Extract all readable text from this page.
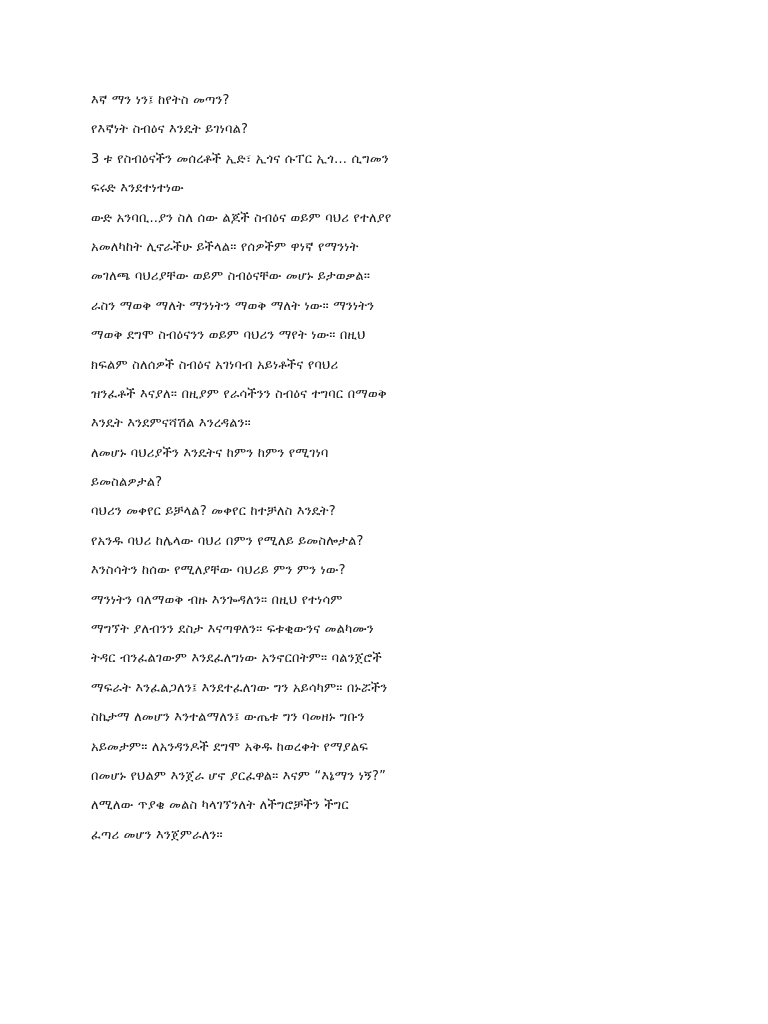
እኛ ማን ነን፤ ከየትስ መጣን?
የእኛነት ስብዕና እንዴት ይገነባል?
3 ቱ የስብዕናችን መሰረቶች ኢድ፣ ኢጎና ሱፐር ኢጎ… ሲግመን
ፍሩድ እንደተነተነው
ውድ አንባቢ..ያን ስለ ሰው ልጆች ስብዕና ወይም ባህሪ የተለያየ
አመለካከት ሊኖራችሁ ይችላል። የሰዎችም ዋነኛ የማንነት
መገለጫ ባህሪያቸው ወይም ስብዕናቸው መሆኑ ይታወቃል።
ራስን ማወቅ ማለት ማንነትን ማወቅ ማለት ነው። ማንነትን
ማወቅ ደግሞ ስብዕናንን ወይም ባህሪን ማየት ነው። በዚህ
ክፍልም ስለሰዎች ስብዕና አገነባብ አይነቶችና የባህሪ
ዝንፈቶች እናያለ። በዚያም የራሳችንን ስብዕና ተግባር በማወቅ
እንዴት እንደምናሻሽል እንረዳልን።
ለመሆኑ ባህሪያችን እንዴትና ከምን ከምን የሚገነባ
ይመስልዎታል?
ባህሪን መቀየር ይቻላል? መቀየር ከተቻለስ እንዴት?
የአንዱ ባህሪ ከሌላው ባህሪ በምን የሚለይ ይመስሎታል?
እንስሳትን ከሰው የሚለያቸው ባህሪይ ምን ምን ነው?
ማንነትን ባለማወቅ ብዙ እንጐዳለን። በዚህ የተነሳም
ማግኘት ያለብንን ደስታ እናጣዋለን። ፍቱቂውንና መልካሙን
ትዳር ብንፈልገውም እንደፈለግነው አንኖርበትም። ባልንጀሮች
ማፍራት እንፈልጋለን፤ እንደተፈለገው ግን አይሳካም። በኑሯችን
ስኬታማ ለመሆን እንተልማለን፤ ውጤቱ ግን ባመዘኑ ግቡን
አይመታም። ለአንዳንዶች ደግሞ አቅዱ ከወረቀት የማያልፍ
በመሆኑ የህልም እንጀራ ሆኖ ያርፈዋል። እናም “እኔማን ነኝ?”
ለሚለው ጥያቄ መልስ ካላገኘንለት ለችግሮቻችን ችግር
ፈጣሪ መሆን እንጀምራለን።
